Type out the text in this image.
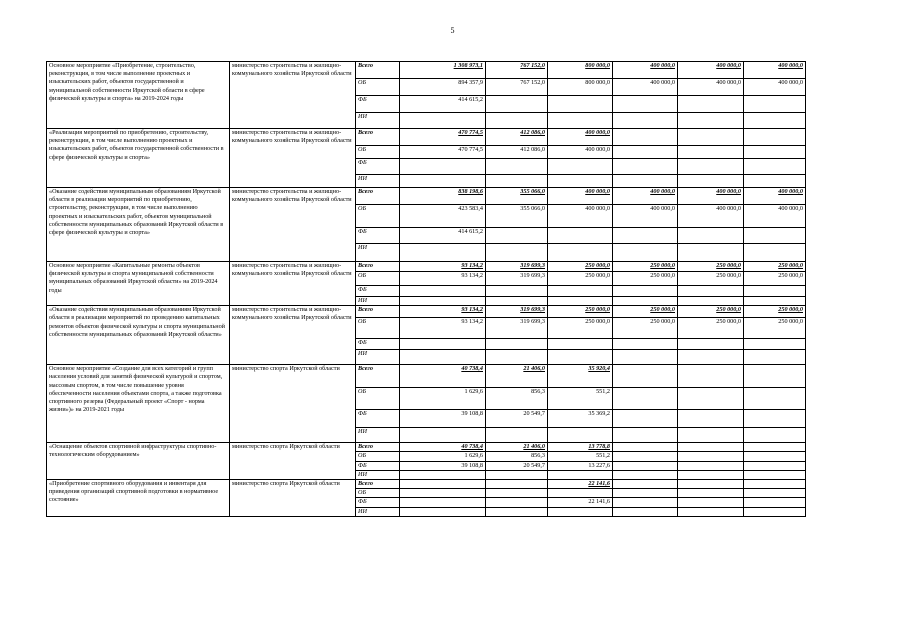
5
Основное мероприятие «Приобретение, строительство, реконструкция, в том числе выполнение проектных и изыскательских работ, объектов государственной и муниципальной собственности Иркутской области в сфере физической культуры и спорта» на 2019-2024 годы	министерство строительства и жилищно-коммунального хозяйства Иркутской области	Всего	1 308 973,1	767 152,0	800 000,0	400 000,0	400 000,0	400 000,0
		ОБ	894 357,9	767 152,0	800 000,0	400 000,0	400 000,0	400 000,0
		ФБ	414 615,2					
		ИИ						
«Реализация мероприятий по приобретению, строительству, реконструкции, в том числе выполнению проектных и изыскательских работ, объектов государственной собственности в сфере физической культуры и спорта»	министерство строительства и жилищно-коммунального хозяйства Иркутской области	Всего	470 774,5	412 086,0	400 000,0			
		ОБ	470 774,5	412 086,0	400 000,0			
		ФБ						
		ИИ						
«Оказание содействия муниципальным образованиям Иркутской области в реализации мероприятий по приобретению, строительству, реконструкции, в том числе выполнению проектных и изыскательских работ, объектов муниципальной собственности муниципальных образований Иркутской области в сфере физической культуры и спорта»	министерство строительства и жилищно-коммунального хозяйства Иркутской области	Всего	838 198,6	355 066,0	400 000,0	400 000,0	400 000,0	400 000,0
		ОБ	423 583,4	355 066,0	400 000,0	400 000,0	400 000,0	400 000,0
		ФБ	414 615,2					
		ИИ						
Основное мероприятие «Капитальные ремонты объектов физической культуры и спорта муниципальной собственности муниципальных образований Иркутской области» на 2019-2024 годы	министерство строительства и жилищно-коммунального хозяйства Иркутской области	Всего	93 134,2	319 699,3	250 000,0	250 000,0	250 000,0	250 000,0
		ОБ	93 134,2	319 699,3	250 000,0	250 000,0	250 000,0	250 000,0
		ФБ						
		ИИ						
«Оказание содействия муниципальным образованиям Иркутской области в реализации мероприятий по проведению капитальных ремонтов объектов физической культуры и спорта муниципальной собственности муниципальных образований Иркутской области»	министерство строительства и жилищно-коммунального хозяйства Иркутской области	Всего	93 134,2	319 699,3	250 000,0	250 000,0	250 000,0	250 000,0
		ОБ	93 134,2	319 699,3	250 000,0	250 000,0	250 000,0	250 000,0
		ФБ						
		ИИ						
Основное мероприятие «Создание для всех категорий и групп населения условий для занятий физической культурой и спортом, массовым спортом, в том числе повышение уровня обеспеченности населения объектами спорта, а также подготовка спортивного резерва (Федеральный проект «Спорт - норма жизни»)» на 2019-2021 годы	министерство спорта Иркутской области	Всего	40 738,4	21 406,0	35 920,4			
		ОБ	1 629,6	856,3	551,2			
		ФБ	39 108,8	20 549,7	35 369,2			
		ИИ						
«Оснащение объектов спортивной инфраструктуры спортивно-технологическим оборудованием»	министерство спорта Иркутской области	Всего	40 738,4	21 406,0	13 778,8			
		ОБ	1 629,6	856,3	551,2			
		ФБ	39 108,8	20 549,7	13 227,6			
		ИИ						
«Приобретение спортивного оборудования и инвентаря для приведения организаций спортивной подготовки в нормативное состояние»	министерство спорта Иркутской области	Всего			22 141,6			
		ОБ						
		ФБ			22 141,6			
		ИИ						
